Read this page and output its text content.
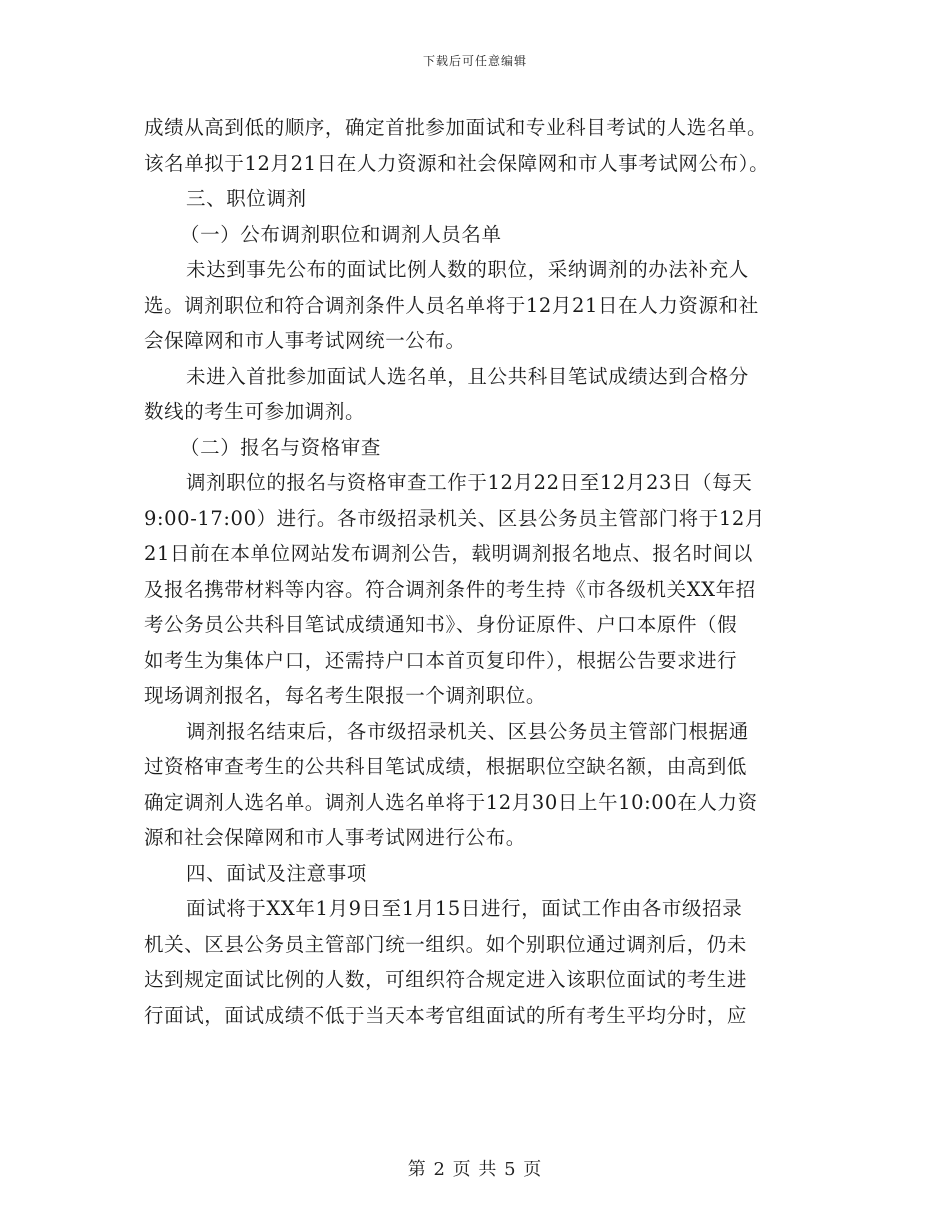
下载后可任意编辑
成绩从高到低的顺序，确定首批参加面试和专业科目考试的人选名单。
该名单拟于12月21日在人力资源和社会保障网和市人事考试网公布）。
三、职位调剂
（一）公布调剂职位和调剂人员名单
未达到事先公布的面试比例人数的职位，采纳调剂的办法补充人
选。调剂职位和符合调剂条件人员名单将于12月21日在人力资源和社
会保障网和市人事考试网统一公布。
未进入首批参加面试人选名单，且公共科目笔试成绩达到合格分
数线的考生可参加调剂。
（二）报名与资格审查
调剂职位的报名与资格审查工作于12月22日至12月23日（每天
9:00-17:00）进行。各市级招录机关、区县公务员主管部门将于12月
21日前在本单位网站发布调剂公告，载明调剂报名地点、报名时间以
及报名携带材料等内容。符合调剂条件的考生持《市各级机关XX年招
考公务员公共科目笔试成绩通知书》、身份证原件、户口本原件（假
如考生为集体户口，还需持户口本首页复印件），根据公告要求进行
现场调剂报名，每名考生限报一个调剂职位。
调剂报名结束后，各市级招录机关、区县公务员主管部门根据通
过资格审查考生的公共科目笔试成绩，根据职位空缺名额，由高到低
确定调剂人选名单。调剂人选名单将于12月30日上午10:00在人力资
源和社会保障网和市人事考试网进行公布。
四、面试及注意事项
面试将于XX年1月9日至1月15日进行，面试工作由各市级招录
机关、区县公务员主管部门统一组织。如个别职位通过调剂后，仍未
达到规定面试比例的人数，可组织符合规定进入该职位面试的考生进
行面试，面试成绩不低于当天本考官组面试的所有考生平均分时，应
第 2 页 共 5 页
